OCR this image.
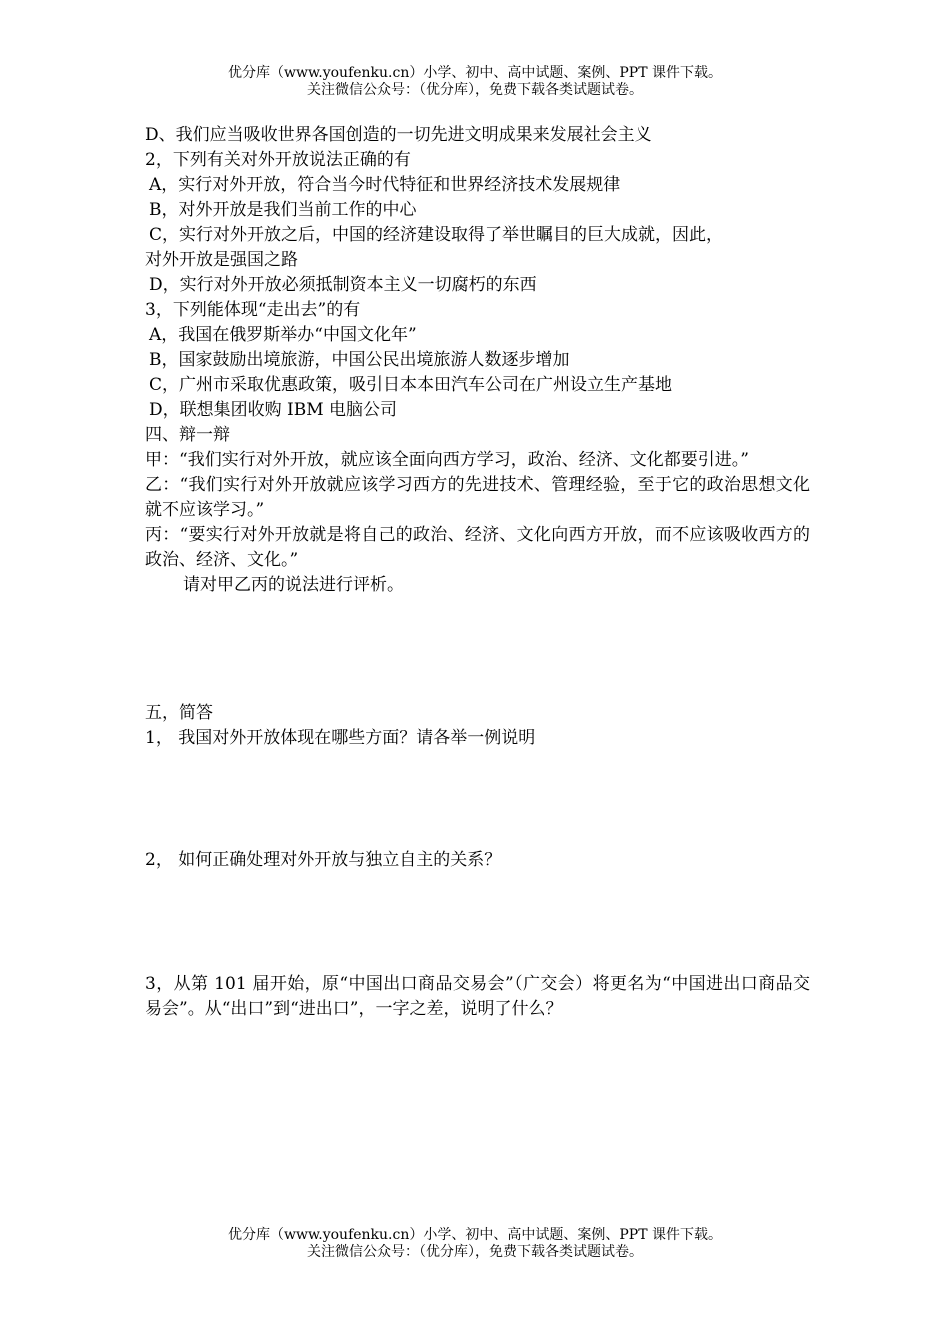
优分库（www.youfenku.cn）小学、初中、高中试题、案例、PPT 课件下载。
关注微信公众号：（优分库），免费下载各类试题试卷。

D、我们应当吸收世界各国创造的一切先进文明成果来发展社会主义

2，下列有关对外开放说法正确的有

A，实行对外开放，符合当今时代特征和世界经济技术发展规律

B，对外开放是我们当前工作的中心

C，实行对外开放之后，中国的经济建设取得了举世瞩目的巨大成就，因此，

对外开放是强国之路

D，实行对外开放必须抵制资本主义一切腐朽的东西

3，下列能体现“走出去”的有

A，我国在俄罗斯举办“中国文化年”

B，国家鼓励出境旅游，中国公民出境旅游人数逐步增加

C，广州市采取优惠政策，吸引日本本田汽车公司在广州设立生产基地

D，联想集团收购 IBM 电脑公司

四、辩一辩

甲：“我们实行对外开放，就应该全面向西方学习，政治、经济、文化都要引进。”

乙：“我们实行对外开放就应该学习西方的先进技术、管理经验，至于它的政治思想文化就不应该学习。”

丙：“要实行对外开放就是将自己的政治、经济、文化向西方开放，而不应该吸收西方的政治、经济、文化。”

请对甲乙丙的说法进行评析。

五，简答

1， 我国对外开放体现在哪些方面？请各举一例说明

2， 如何正确处理对外开放与独立自主的关系？

3，从第 101 届开始，原“中国出口商品交易会”（广交会）将更名为“中国进出口商品交易会”。从“出口”到“进出口”，一字之差，说明了什么？

优分库（www.youfenku.cn）小学、初中、高中试题、案例、PPT 课件下载。
关注微信公众号：（优分库），免费下载各类试题试卷。
